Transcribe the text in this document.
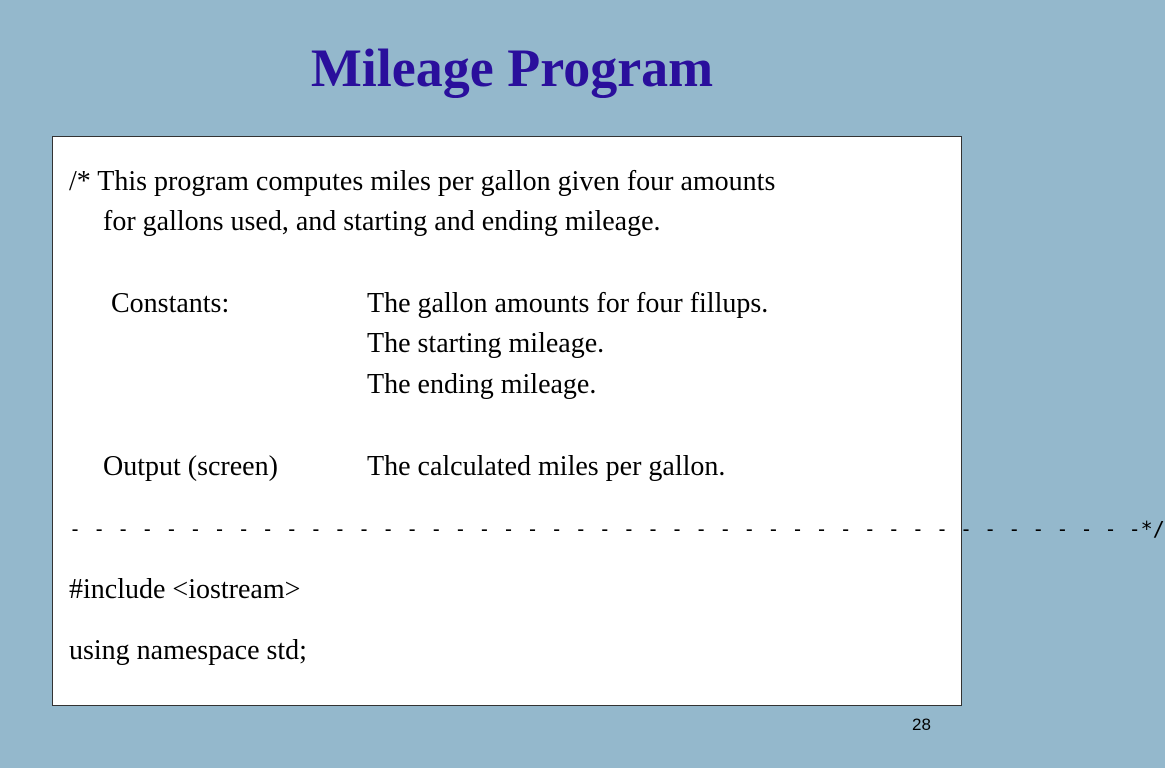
Mileage Program
/* This program computes miles per gallon given four amounts
for gallons used, and starting and ending mileage.
Constants:	The gallon amounts for four fillups.
The starting mileage.
The ending mileage.
Output (screen)	The calculated miles per gallon.
- - - - - - - - - - - - - - - - - - - - - - - - - - - - - - - - - - - - - - - - - - - - -*/
#include <iostream>
using namespace std;
28
